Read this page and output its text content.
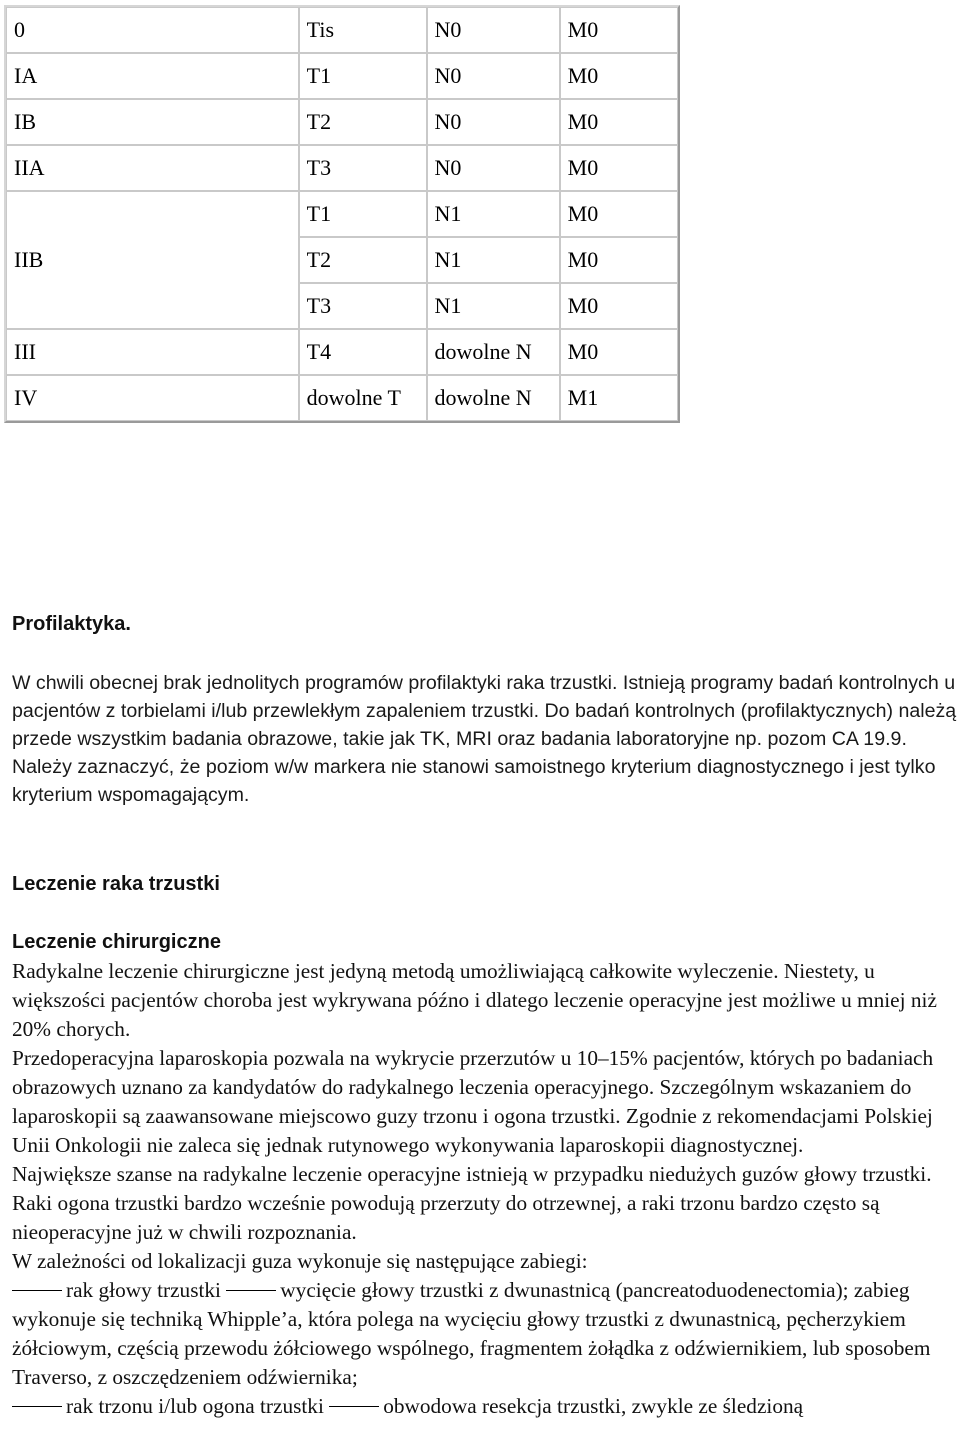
0	Tis	N0	M0
IA	T1	N0	M0
IB	T2	N0	M0
IIA	T3	N0	M0
IIB	T1	N1	M0
	T2	N1	M0
	T3	N1	M0
III	T4	dowolne N	M0
IV	dowolne T	dowolne N	M1
Profilaktyka.

W chwili obecnej brak jednolitych programów profilaktyki raka trzustki. Istnieją programy badań kontrolnych u pacjentów z torbielami i/lub przewlekłym zapaleniem trzustki. Do badań kontrolnych (profilaktycznych) należą przede wszystkim badania obrazowe, takie jak TK, MRI oraz badania laboratoryjne np. pozom CA 19.9. Należy zaznaczyć, że poziom w/w markera nie stanowi samoistnego kryterium diagnostycznego i jest tylko kryterium wspomagającym.

Leczenie raka trzustki
Leczenie chirurgiczne

Radykalne leczenie chirurgiczne jest jedyną metodą umożliwiającą całkowite wyleczenie. Niestety, u większości pacjentów choroba jest wykrywana późno i dlatego leczenie operacyjne jest możliwe u mniej niż 20% chorych.

Przedoperacyjna laparoskopia pozwala na wykrycie przerzutów u 10–15% pacjentów, których po badaniach obrazowych uznano za kandydatów do radykalnego leczenia operacyjnego. Szczególnym wskazaniem do laparoskopii są zaawansowane miejscowo guzy trzonu i ogona trzustki. Zgodnie z rekomendacjami Polskiej Unii Onkologii nie zaleca się jednak rutynowego wykonywania laparoskopii diagnostycznej.

Największe szanse na radykalne leczenie operacyjne istnieją w przypadku niedużych guzów głowy trzustki. Raki ogona trzustki bardzo wcześnie powodują przerzuty do otrzewnej, a raki trzonu bardzo często są nieoperacyjne już w chwili rozpoznania.

W zależności od lokalizacji guza wykonuje się następujące zabiegi:

rak głowy trzustki	wycięcie głowy trzustki z dwunastnicą (pancreatoduodenectomia); zabieg wykonuje się techniką Whipple’a, która polega na wycięciu głowy trzustki z dwunastnicą, pęcherzykiem żółciowym, częścią przewodu żółciowego wspólnego, fragmentem żołądka z odźwiernikiem, lub sposobem Traverso, z oszczędzeniem odźwiernika;

rak trzonu i/lub ogona trzustki	obwodowa resekcja trzustki, zwykle ze śledzioną
